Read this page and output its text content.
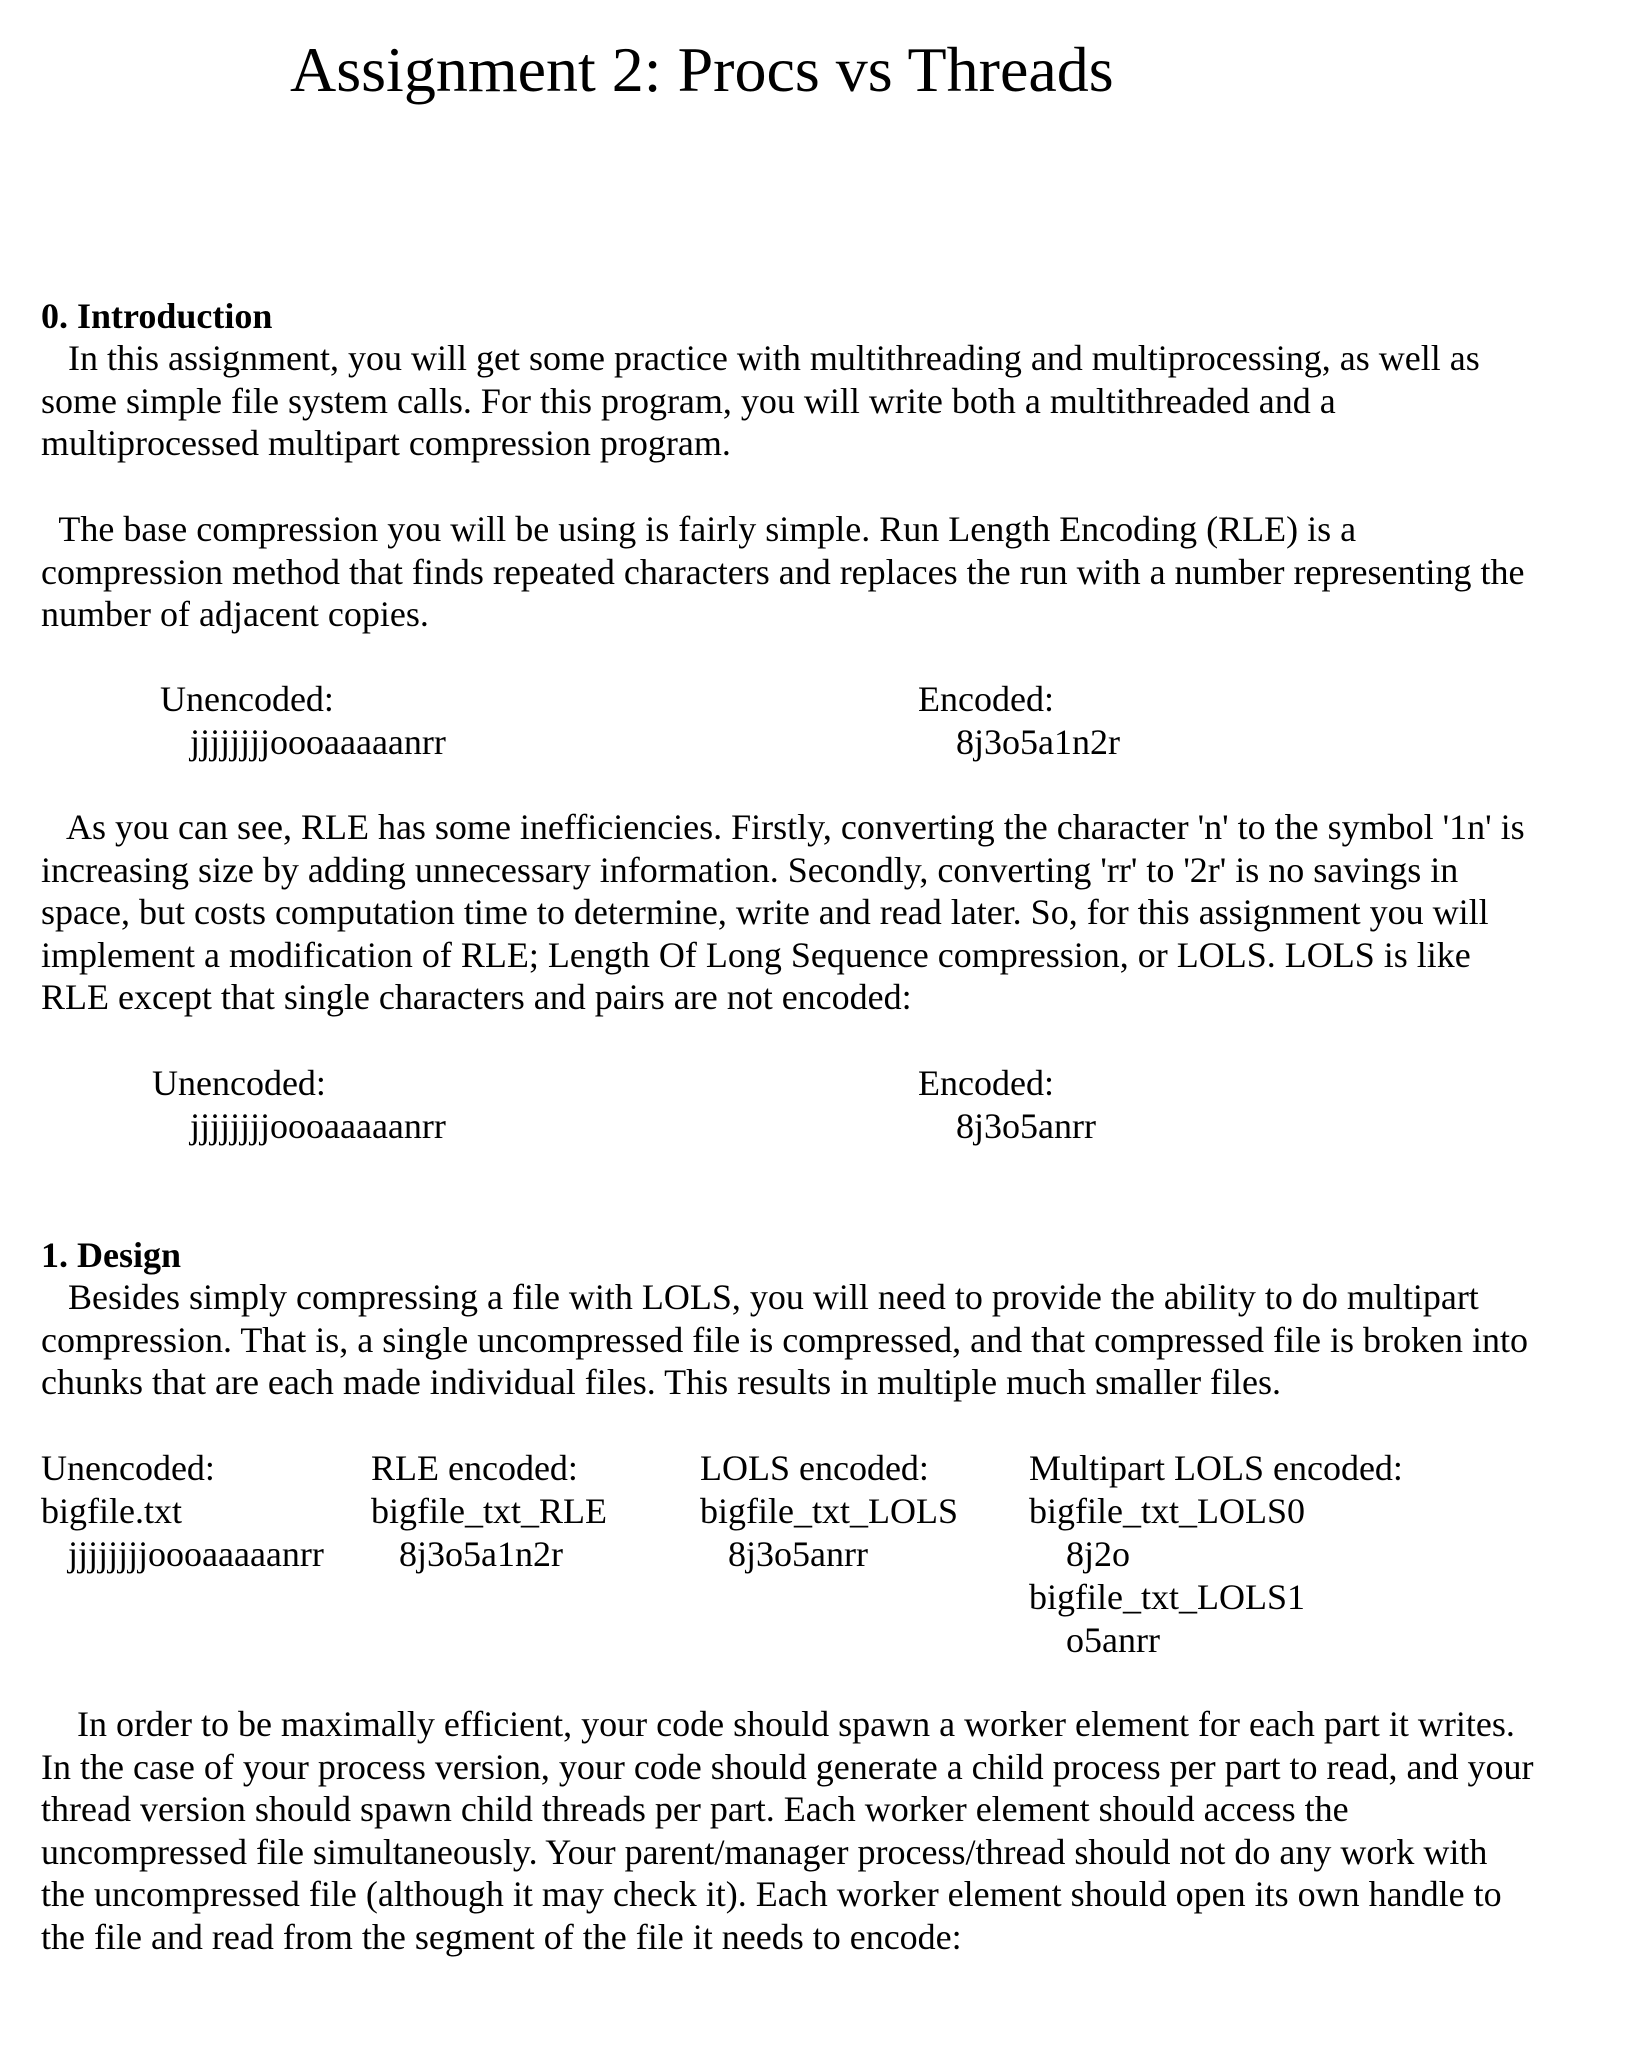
Assignment 2: Procs vs Threads
0. Introduction
In this assignment, you will get some practice with multithreading and multiprocessing, as well as
some simple file system calls. For this program, you will write both a multithreaded and a
multiprocessed multipart compression program.
The base compression you will be using is fairly simple. Run Length Encoding (RLE) is a
compression method that finds repeated characters and replaces the run with a number representing the
number of adjacent copies.
Unencoded:
jjjjjjjjoooaaaaanrr
Encoded:
8j3o5a1n2r
As you can see, RLE has some inefficiencies. Firstly, converting the character 'n' to the symbol '1n' is
increasing size by adding unnecessary information. Secondly, converting 'rr' to '2r' is no savings in
space, but costs computation time to determine, write and read later. So, for this assignment you will
implement a modification of RLE; Length Of Long Sequence compression, or LOLS. LOLS is like
RLE except that single characters and pairs are not encoded:
Unencoded:
jjjjjjjjoooaaaaanrr
Encoded:
8j3o5anrr
1. Design
Besides simply compressing a file with LOLS, you will need to provide the ability to do multipart
compression. That is, a single uncompressed file is compressed, and that compressed file is broken into
chunks that are each made individual files. This results in multiple much smaller files.
Unencoded:
bigfile.txt
jjjjjjjjoooaaaaanrr
RLE encoded:
bigfile_txt_RLE
8j3o5a1n2r
LOLS encoded:
bigfile_txt_LOLS
8j3o5anrr
Multipart LOLS encoded:
bigfile_txt_LOLS0
8j2o
bigfile_txt_LOLS1
o5anrr
In order to be maximally efficient, your code should spawn a worker element for each part it writes.
In the case of your process version, your code should generate a child process per part to read, and your
thread version should spawn child threads per part. Each worker element should access the
uncompressed file simultaneously. Your parent/manager process/thread should not do any work with
the uncompressed file (although it may check it). Each worker element should open its own handle to
the file and read from the segment of the file it needs to encode:
